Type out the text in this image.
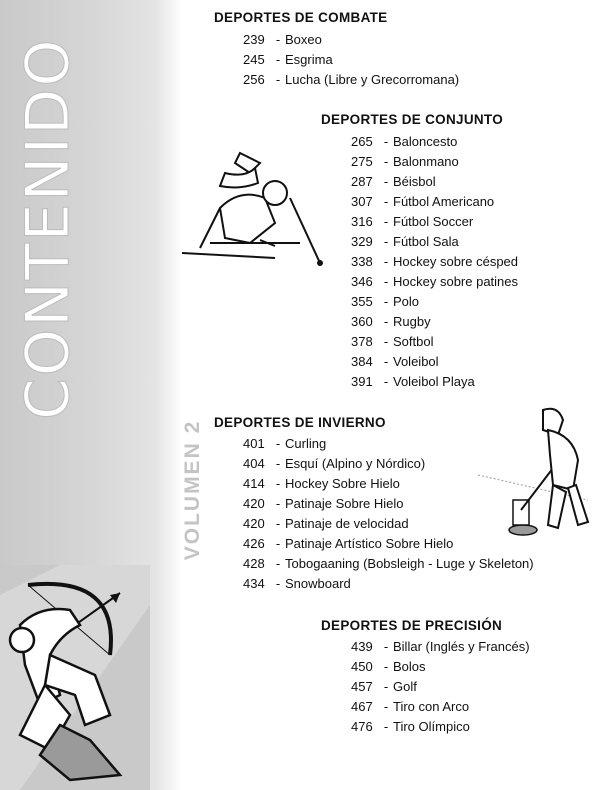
CONTENIDO
VOLUMEN 2
DEPORTES DE COMBATE
239 - Boxeo
245 - Esgrima
256 - Lucha (Libre y Grecorromana)
DEPORTES DE CONJUNTO
265 - Baloncesto
275 - Balonmano
287 - Béisbol
307 - Fútbol Americano
316 - Fútbol Soccer
329 - Fútbol Sala
338 - Hockey sobre césped
346 - Hockey sobre patines
355 - Polo
360 - Rugby
378 - Softbol
384 - Voleibol
391 - Voleibol Playa
DEPORTES DE INVIERNO
401 - Curling
404 - Esquí (Alpino y Nórdico)
414 - Hockey Sobre Hielo
420 - Patinaje Sobre Hielo
420 - Patinaje de velocidad
426 - Patinaje Artístico Sobre Hielo
428 - Tobogaaning (Bobsleigh - Luge y Skeleton)
434 - Snowboard
DEPORTES DE PRECISIÓN
439 - Billar (Inglés y Francés)
450 - Bolos
457 - Golf
467 - Tiro con Arco
476 - Tiro Olímpico
